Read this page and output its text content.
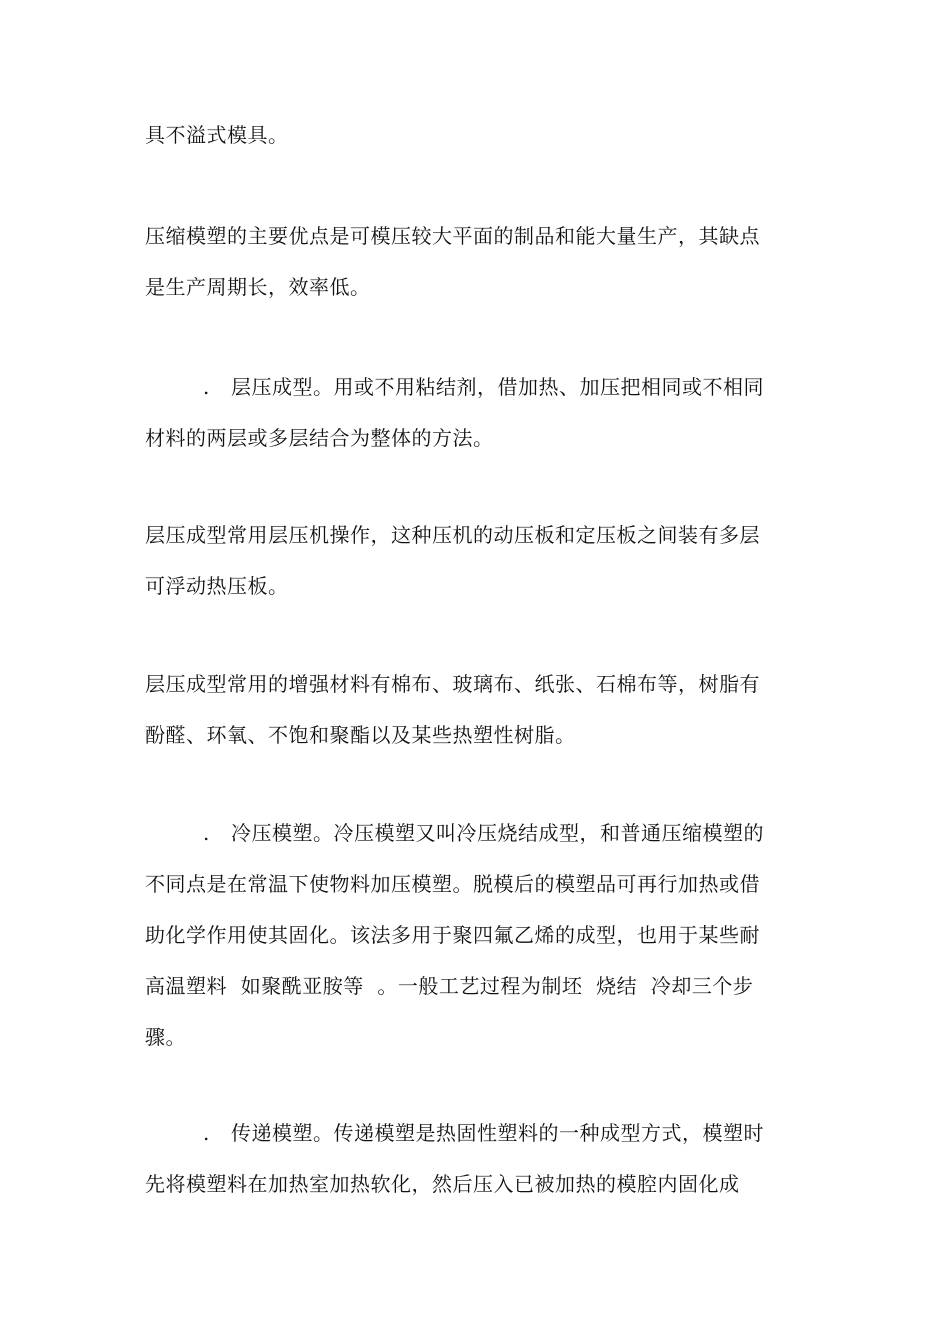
具不溢式模具。

压缩模塑的主要优点是可模压较大平面的制品和能大量生产，其缺点
是生产周期长，效率低。

. 层压成型。用或不用粘结剂，借加热、加压把相同或不相同
材料的两层或多层结合为整体的方法。

层压成型常用层压机操作，这种压机的动压板和定压板之间装有多层
可浮动热压板。

层压成型常用的增强材料有棉布、玻璃布、纸张、石棉布等，树脂有
酚醛、环氧、不饱和聚酯以及某些热塑性树脂。

. 冷压模塑。冷压模塑又叫冷压烧结成型，和普通压缩模塑的
不同点是在常温下使物料加压模塑。脱模后的模塑品可再行加热或借
助化学作用使其固化。该法多用于聚四氟乙烯的成型，也用于某些耐
高温塑料  如聚酰亚胺等  。一般工艺过程为制坯  烧结  冷却三个步
骤。

. 传递模塑。传递模塑是热固性塑料的一种成型方式，模塑时
先将模塑料在加热室加热软化，然后压入已被加热的模腔内固化成
